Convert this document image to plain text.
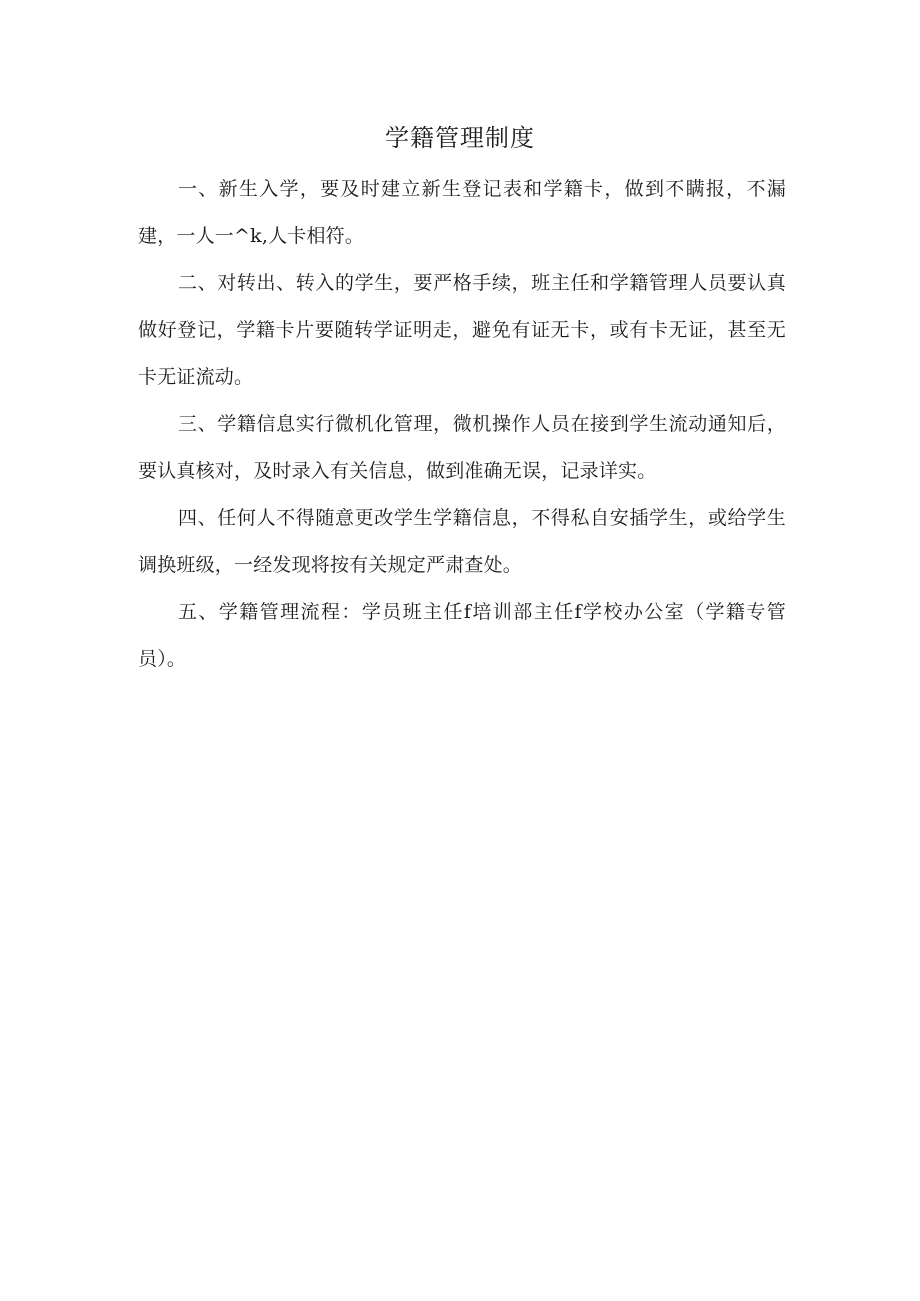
学籍管理制度

一、新生入学，要及时建立新生登记表和学籍卡，做到不瞒报，不漏建，一人一^k,人卡相符。

二、对转出、转入的学生，要严格手续，班主任和学籍管理人员要认真做好登记，学籍卡片要随转学证明走，避免有证无卡，或有卡无证，甚至无卡无证流动。

三、学籍信息实行微机化管理，微机操作人员在接到学生流动通知后，要认真核对，及时录入有关信息，做到准确无误，记录详实。

四、任何人不得随意更改学生学籍信息，不得私自安插学生，或给学生调换班级，一经发现将按有关规定严肃查处。

五、学籍管理流程：学员班主任f培训部主任f学校办公室（学籍专管员）。
